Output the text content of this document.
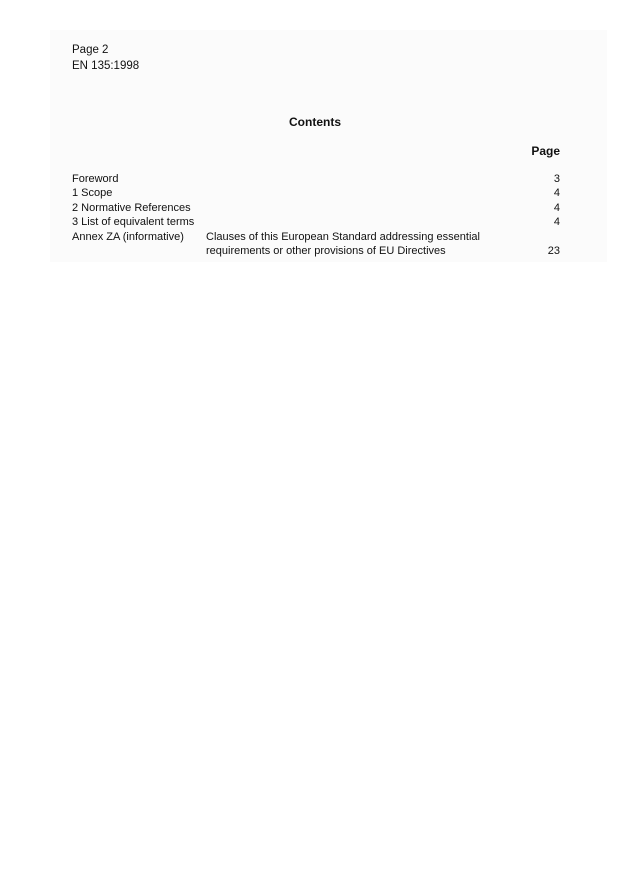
Page 2
EN 135:1998
Contents
Page
Foreword	3
1 Scope	4
2 Normative References	4
3 List of equivalent terms	4
Annex ZA (informative)	Clauses of this European Standard addressing essential
requirements or other provisions of EU Directives	23
